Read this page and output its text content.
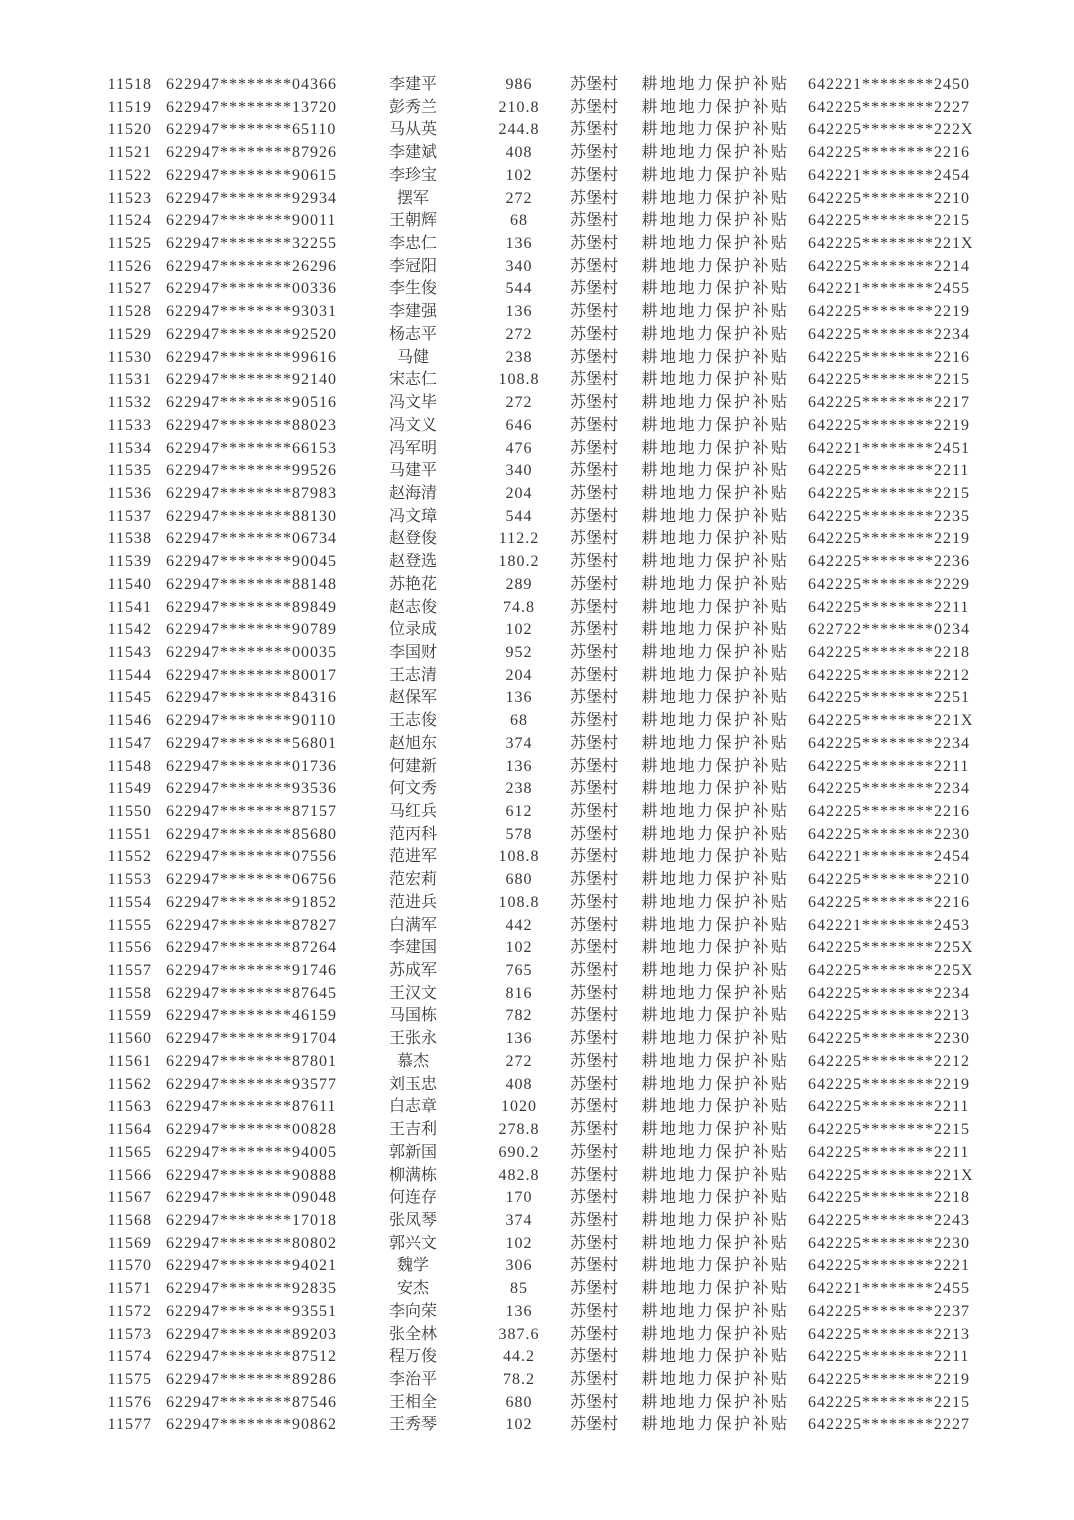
11518 622947********04366	李建平	986	苏堡村	耕地地力保护补贴	642221********2450
11519 622947********13720	彭秀兰	210.8	苏堡村	耕地地力保护补贴	642225********2227
11520 622947********65110	马从英	244.8	苏堡村	耕地地力保护补贴	642225********222X
11521 622947********87926	李建斌	408	苏堡村	耕地地力保护补贴	642225********2216
11522 622947********90615	李珍宝	102	苏堡村	耕地地力保护补贴	642221********2454
11523 622947********92934	摆军	272	苏堡村	耕地地力保护补贴	642225********2210
11524 622947********90011	王朝辉	68	苏堡村	耕地地力保护补贴	642225********2215
11525 622947********32255	李忠仁	136	苏堡村	耕地地力保护补贴	642225********221X
11526 622947********26296	李冠阳	340	苏堡村	耕地地力保护补贴	642225********2214
11527 622947********00336	李生俊	544	苏堡村	耕地地力保护补贴	642221********2455
11528 622947********93031	李建强	136	苏堡村	耕地地力保护补贴	642225********2219
11529 622947********92520	杨志平	272	苏堡村	耕地地力保护补贴	642225********2234
11530 622947********99616	马健	238	苏堡村	耕地地力保护补贴	642225********2216
11531 622947********92140	宋志仁	108.8	苏堡村	耕地地力保护补贴	642225********2215
11532 622947********90516	冯文毕	272	苏堡村	耕地地力保护补贴	642225********2217
11533 622947********88023	冯文义	646	苏堡村	耕地地力保护补贴	642225********2219
11534 622947********66153	冯军明	476	苏堡村	耕地地力保护补贴	642221********2451
11535 622947********99526	马建平	340	苏堡村	耕地地力保护补贴	642225********2211
11536 622947********87983	赵海清	204	苏堡村	耕地地力保护补贴	642225********2215
11537 622947********88130	冯文璋	544	苏堡村	耕地地力保护补贴	642225********2235
11538 622947********06734	赵登俊	112.2	苏堡村	耕地地力保护补贴	642225********2219
11539 622947********90045	赵登选	180.2	苏堡村	耕地地力保护补贴	642225********2236
11540 622947********88148	苏艳花	289	苏堡村	耕地地力保护补贴	642225********2229
11541 622947********89849	赵志俊	74.8	苏堡村	耕地地力保护补贴	642225********2211
11542 622947********90789	位录成	102	苏堡村	耕地地力保护补贴	622722********0234
11543 622947********00035	李国财	952	苏堡村	耕地地力保护补贴	642225********2218
11544 622947********80017	王志清	204	苏堡村	耕地地力保护补贴	642225********2212
11545 622947********84316	赵保军	136	苏堡村	耕地地力保护补贴	642225********2251
11546 622947********90110	王志俊	68	苏堡村	耕地地力保护补贴	642225********221X
11547 622947********56801	赵旭东	374	苏堡村	耕地地力保护补贴	642225********2234
11548 622947********01736	何建新	136	苏堡村	耕地地力保护补贴	642225********2211
11549 622947********93536	何文秀	238	苏堡村	耕地地力保护补贴	642225********2234
11550 622947********87157	马红兵	612	苏堡村	耕地地力保护补贴	642225********2216
11551 622947********85680	范丙科	578	苏堡村	耕地地力保护补贴	642225********2230
11552 622947********07556	范进军	108.8	苏堡村	耕地地力保护补贴	642221********2454
11553 622947********06756	范宏莉	680	苏堡村	耕地地力保护补贴	642225********2210
11554 622947********91852	范进兵	108.8	苏堡村	耕地地力保护补贴	642225********2216
11555 622947********87827	白满军	442	苏堡村	耕地地力保护补贴	642221********2453
11556 622947********87264	李建国	102	苏堡村	耕地地力保护补贴	642225********225X
11557 622947********91746	苏成军	765	苏堡村	耕地地力保护补贴	642225********225X
11558 622947********87645	王汉文	816	苏堡村	耕地地力保护补贴	642225********2234
11559 622947********46159	马国栋	782	苏堡村	耕地地力保护补贴	642225********2213
11560 622947********91704	王张永	136	苏堡村	耕地地力保护补贴	642225********2230
11561 622947********87801	慕杰	272	苏堡村	耕地地力保护补贴	642225********2212
11562 622947********93577	刘玉忠	408	苏堡村	耕地地力保护补贴	642225********2219
11563 622947********87611	白志章	1020	苏堡村	耕地地力保护补贴	642225********2211
11564 622947********00828	王吉利	278.8	苏堡村	耕地地力保护补贴	642225********2215
11565 622947********94005	郭新国	690.2	苏堡村	耕地地力保护补贴	642225********2211
11566 622947********90888	柳满栋	482.8	苏堡村	耕地地力保护补贴	642225********221X
11567 622947********09048	何连存	170	苏堡村	耕地地力保护补贴	642225********2218
11568 622947********17018	张凤琴	374	苏堡村	耕地地力保护补贴	642225********2243
11569 622947********80802	郭兴文	102	苏堡村	耕地地力保护补贴	642225********2230
11570 622947********94021	魏学	306	苏堡村	耕地地力保护补贴	642225********2221
11571 622947********92835	安杰	85	苏堡村	耕地地力保护补贴	642221********2455
11572 622947********93551	李向荣	136	苏堡村	耕地地力保护补贴	642225********2237
11573 622947********89203	张全林	387.6	苏堡村	耕地地力保护补贴	642225********2213
11574 622947********87512	程万俊	44.2	苏堡村	耕地地力保护补贴	642225********2211
11575 622947********89286	李治平	78.2	苏堡村	耕地地力保护补贴	642225********2219
11576 622947********87546	王相全	680	苏堡村	耕地地力保护补贴	642225********2215
11577 622947********90862	王秀琴	102	苏堡村	耕地地力保护补贴	642225********2227
